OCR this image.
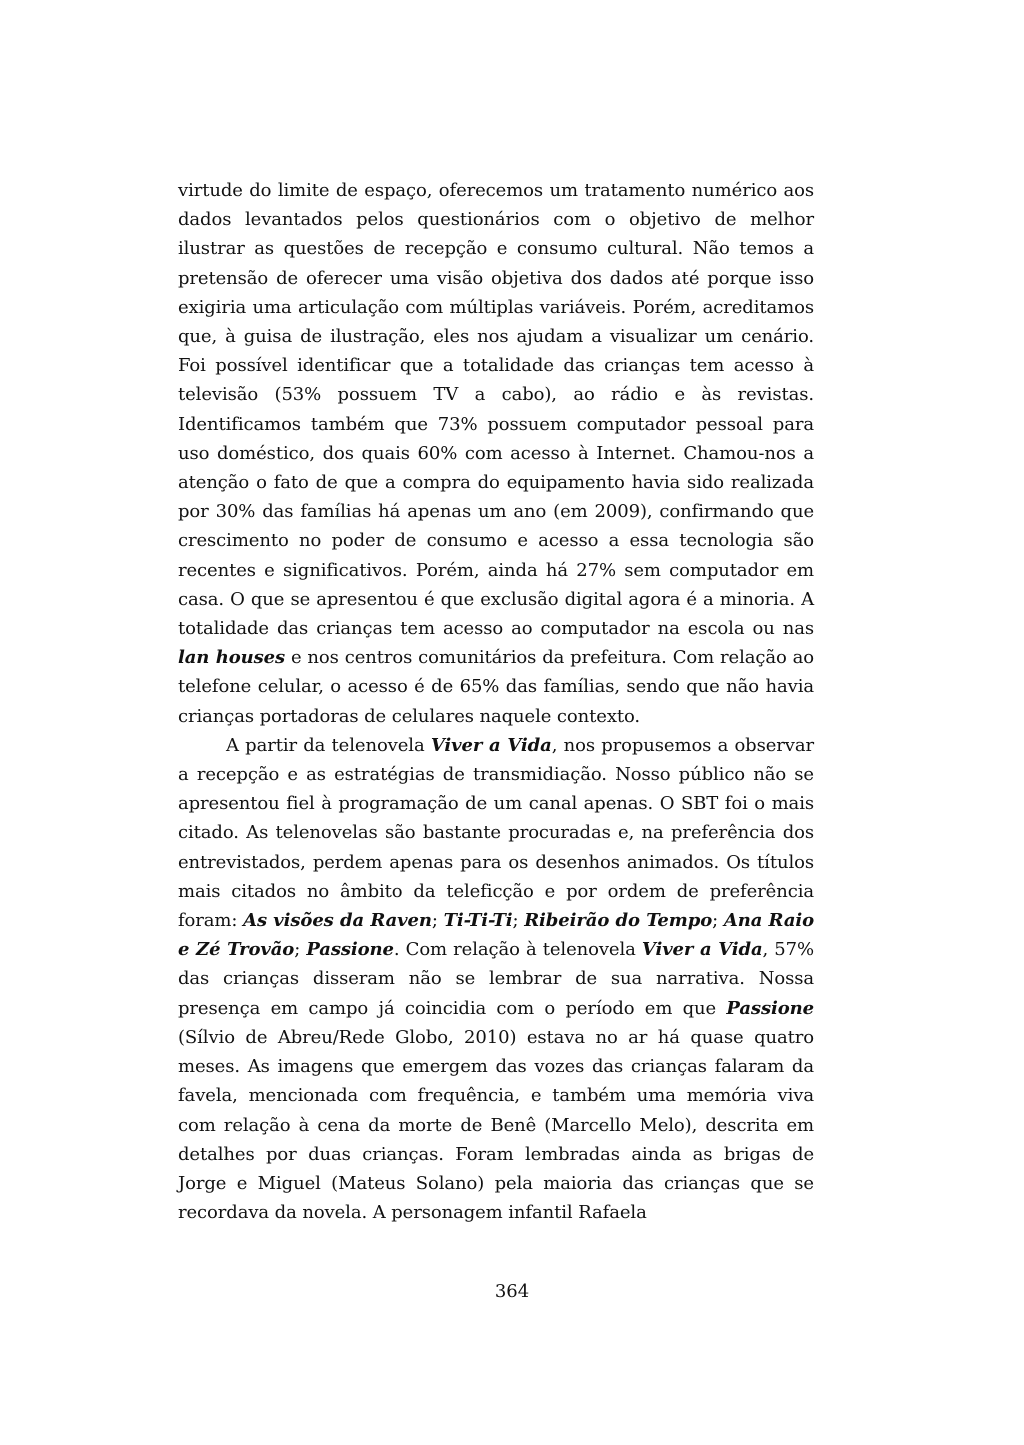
virtude do limite de espaço, oferecemos um tratamento numérico aos dados levantados pelos questionários com o objetivo de melhor ilustrar as questões de recepção e consumo cultural. Não temos a pretensão de oferecer uma visão objetiva dos dados até porque isso exigiria uma articulação com múltiplas variáveis. Porém, acreditamos que, à guisa de ilustração, eles nos ajudam a visualizar um cenário. Foi possível identificar que a totalidade das crianças tem acesso à televisão (53% possuem TV a cabo), ao rádio e às revistas. Identificamos também que 73% possuem computador pessoal para uso doméstico, dos quais 60% com acesso à Internet. Chamou-nos a atenção o fato de que a compra do equipamento havia sido realizada por 30% das famílias há apenas um ano (em 2009), confirmando que crescimento no poder de consumo e acesso a essa tecnologia são recentes e significativos. Porém, ainda há 27% sem computador em casa. O que se apresentou é que exclusão digital agora é a minoria. A totalidade das crianças tem acesso ao computador na escola ou nas lan houses e nos centros comunitários da prefeitura. Com relação ao telefone celular, o acesso é de 65% das famílias, sendo que não havia crianças portadoras de celulares naquele contexto.

A partir da telenovela Viver a Vida, nos propusemos a observar a recepção e as estratégias de transmidiação. Nosso público não se apresentou fiel à programação de um canal apenas. O SBT foi o mais citado. As telenovelas são bastante procuradas e, na preferência dos entrevistados, perdem apenas para os desenhos animados. Os títulos mais citados no âmbito da teleficção e por ordem de preferência foram: As visões da Raven; Ti-Ti-Ti; Ribeirão do Tempo; Ana Raio e Zé Trovão; Passione. Com relação à telenovela Viver a Vida, 57% das crianças disseram não se lembrar de sua narrativa. Nossa presença em campo já coincidia com o período em que Passione (Sílvio de Abreu/Rede Globo, 2010) estava no ar há quase quatro meses. As imagens que emergem das vozes das crianças falaram da favela, mencionada com frequência, e também uma memória viva com relação à cena da morte de Benê (Marcello Melo), descrita em detalhes por duas crianças. Foram lembradas ainda as brigas de Jorge e Miguel (Mateus Solano) pela maioria das crianças que se recordava da novela. A personagem infantil Rafaela

364
